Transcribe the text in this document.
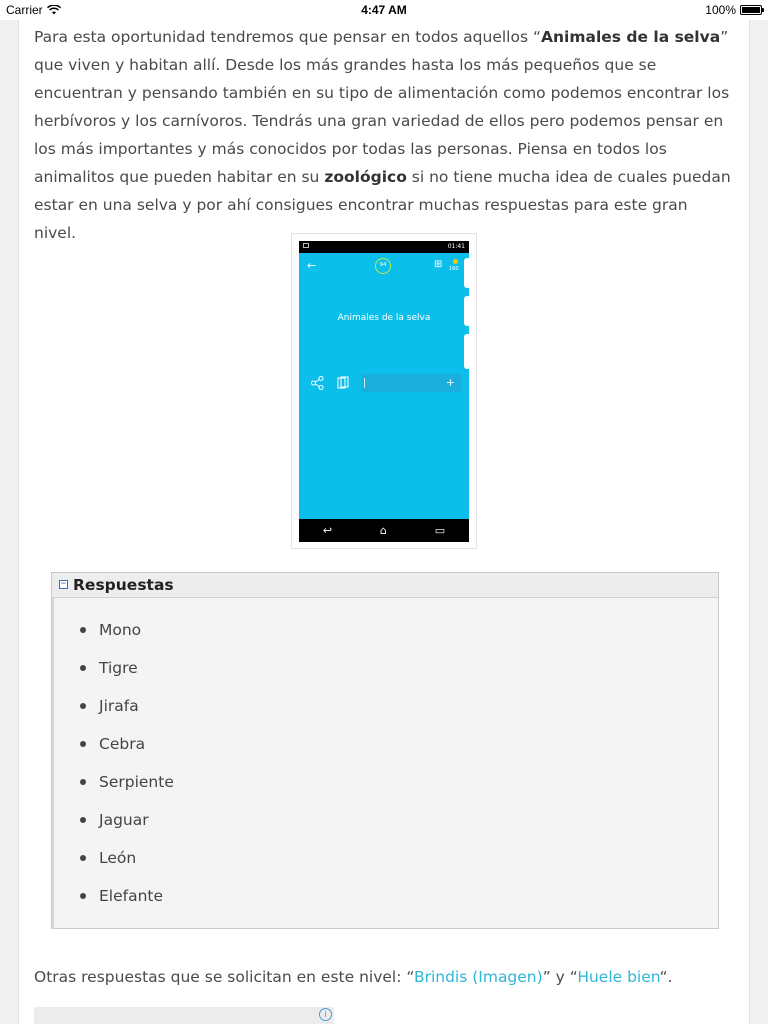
Carrier	4:47 AM	100%
Para esta oportunidad tendremos que pensar en todos aquellos “Animales de la selva” que viven y habitan allí. Desde los más grandes hasta los más pequeños que se encuentran y pensando también en su tipo de alimentación como podemos encontrar los herbívoros y los carnívoros. Tendrás una gran variedad de ellos pero podemos pensar en los más importantes y más conocidos por todas las personas. Piensa en todos los animalitos que pueden habitar en su zoológico si no tiene mucha idea de cuales puedan estar en una selva y por ahí consigues encontrar muchas respuestas para este gran nivel.
01:41
←	94	⊞ 160
Animales de la selva
+
↩	⌂	▭
− Respuestas
Mono
Tigre
Jirafa
Cebra
Serpiente
Jaguar
León
Elefante
Otras respuestas que se solicitan en este nivel: “Brindis (Imagen)” y “Huele bien“.
i
